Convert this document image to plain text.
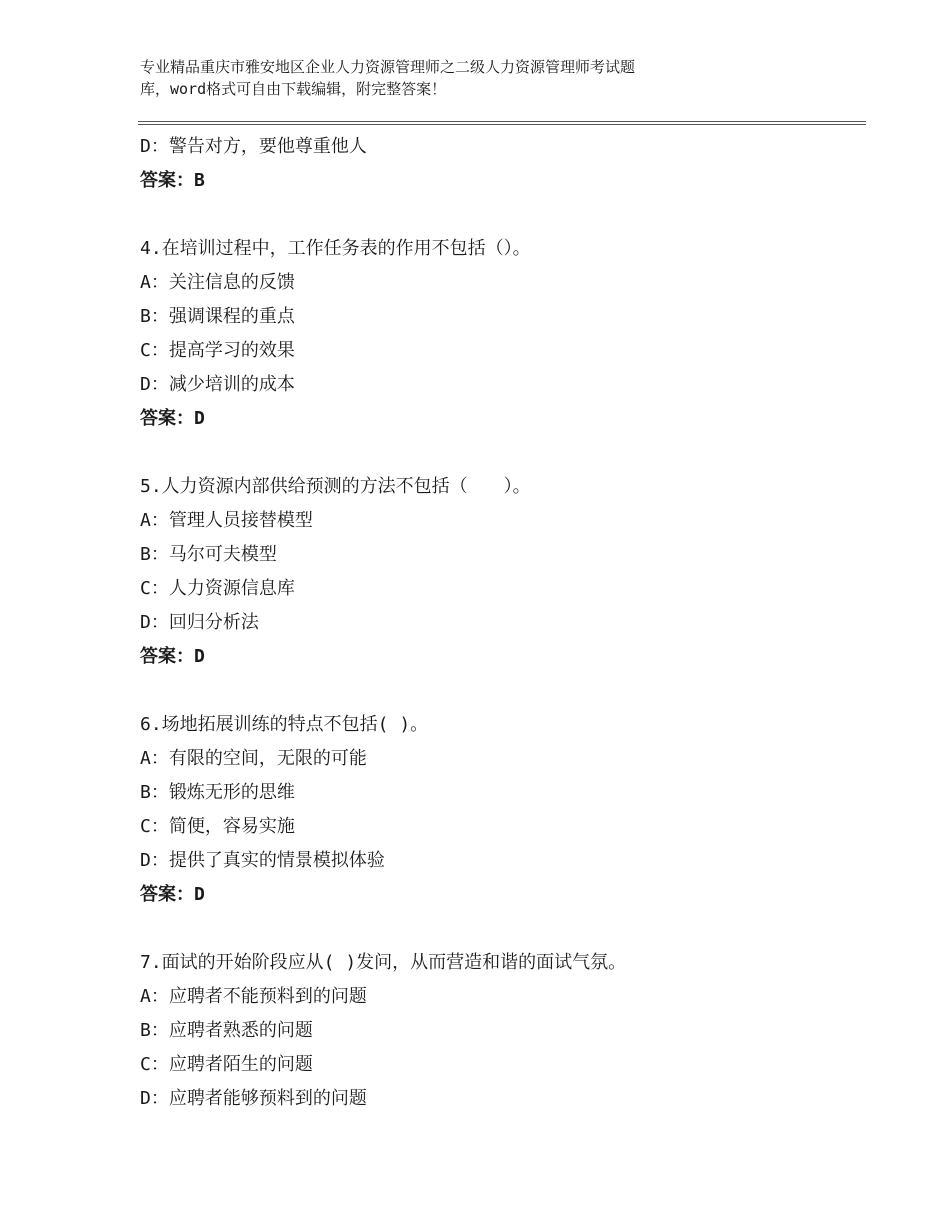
专业精品重庆市雅安地区企业人力资源管理师之二级人力资源管理师考试题
库，word格式可自由下载编辑，附完整答案！
D：警告对方，要他尊重他人
答案：B
4.在培训过程中，工作任务表的作用不包括（）。
A：关注信息的反馈
B：强调课程的重点
C：提高学习的效果
D：减少培训的成本
答案：D
5.人力资源内部供给预测的方法不包括（　　）。
A：管理人员接替模型
B：马尔可夫模型
C：人力资源信息库
D：回归分析法
答案：D
6.场地拓展训练的特点不包括( )。
A：有限的空间，无限的可能
B：锻炼无形的思维
C：简便，容易实施
D：提供了真实的情景模拟体验
答案：D
7.面试的开始阶段应从( )发问，从而营造和谐的面试气氛。
A：应聘者不能预料到的问题
B：应聘者熟悉的问题
C：应聘者陌生的问题
D：应聘者能够预料到的问题
